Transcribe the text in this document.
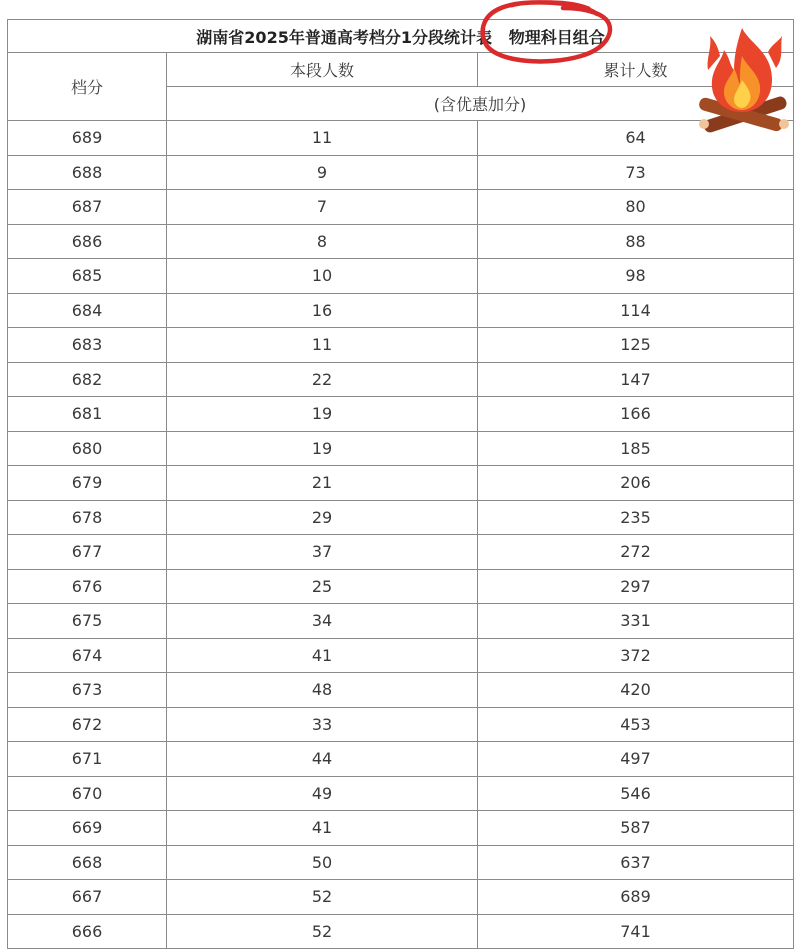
湖南省2025年普通高考档分1分段统计表 物理科目组合		
档分	本段人数	累计人数
	(含优惠加分)	
689	11	64
688	9	73
687	7	80
686	8	88
685	10	98
684	16	114
683	11	125
682	22	147
681	19	166
680	19	185
679	21	206
678	29	235
677	37	272
676	25	297
675	34	331
674	41	372
673	48	420
672	33	453
671	44	497
670	49	546
669	41	587
668	50	637
667	52	689
666	52	741
